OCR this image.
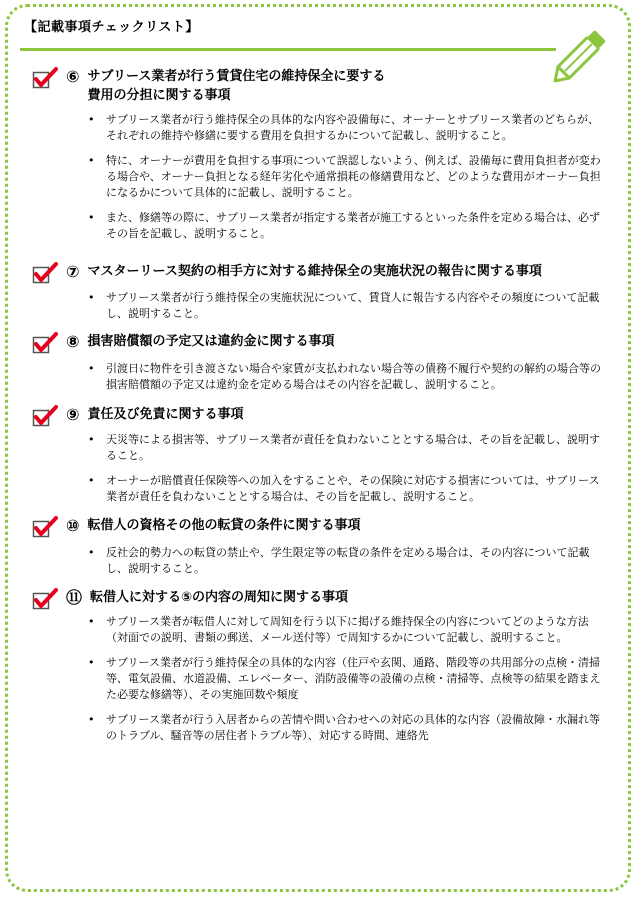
【記載事項チェックリスト】
⑥ サブリース業者が行う賃貸住宅の維持保全に要する
費用の分担に関する事項
• サブリース業者が行う維持保全の具体的な内容や設備毎に、オーナーとサブリース業者のどちらが、それぞれの維持や修繕に要する費用を負担するかについて記載し、説明すること。
• 特に、オーナーが費用を負担する事項について誤認しないよう、例えば、設備毎に費用負担者が変わる場合や、オーナー負担となる経年劣化や通常損耗の修繕費用など、どのような費用がオーナー負担になるかについて具体的に記載し、説明すること。
• また、修繕等の際に、サブリース業者が指定する業者が施工するといった条件を定める場合は、必ずその旨を記載し、説明すること。
⑦ マスターリース契約の相手方に対する維持保全の実施状況の報告に関する事項
• サブリース業者が行う維持保全の実施状況について、賃貸人に報告する内容やその頻度について記載し、説明すること。
⑧ 損害賠償額の予定又は違約金に関する事項
• 引渡日に物件を引き渡さない場合や家賃が支払われない場合等の債務不履行や契約の解約の場合等の損害賠償額の予定又は違約金を定める場合はその内容を記載し、説明すること。
⑨ 責任及び免責に関する事項
• 天災等による損害等、サブリース業者が責任を負わないこととする場合は、その旨を記載し、説明すること。
• オーナーが賠償責任保険等への加入をすることや、その保険に対応する損害については、サブリース業者が責任を負わないこととする場合は、その旨を記載し、説明すること。
⑩ 転借人の資格その他の転貸の条件に関する事項
• 反社会的勢力への転貸の禁止や、学生限定等の転貸の条件を定める場合は、その内容について記載し、説明すること。
⑪ 転借人に対する⑤の内容の周知に関する事項
• サブリース業者が転借人に対して周知を行う以下に掲げる維持保全の内容についてどのような方法（対面での説明、書類の郵送、メール送付等）で周知するかについて記載し、説明すること。
• サブリース業者が行う維持保全の具体的な内容（住戸や玄関、通路、階段等の共用部分の点検・清掃等、電気設備、水道設備、エレベーター、消防設備等の設備の点検・清掃等、点検等の結果を踏まえた必要な修繕等）、その実施回数や頻度
• サブリース業者が行う入居者からの苦情や問い合わせへの対応の具体的な内容（設備故障・水漏れ等のトラブル、騒音等の居住者トラブル等）、対応する時間、連絡先
